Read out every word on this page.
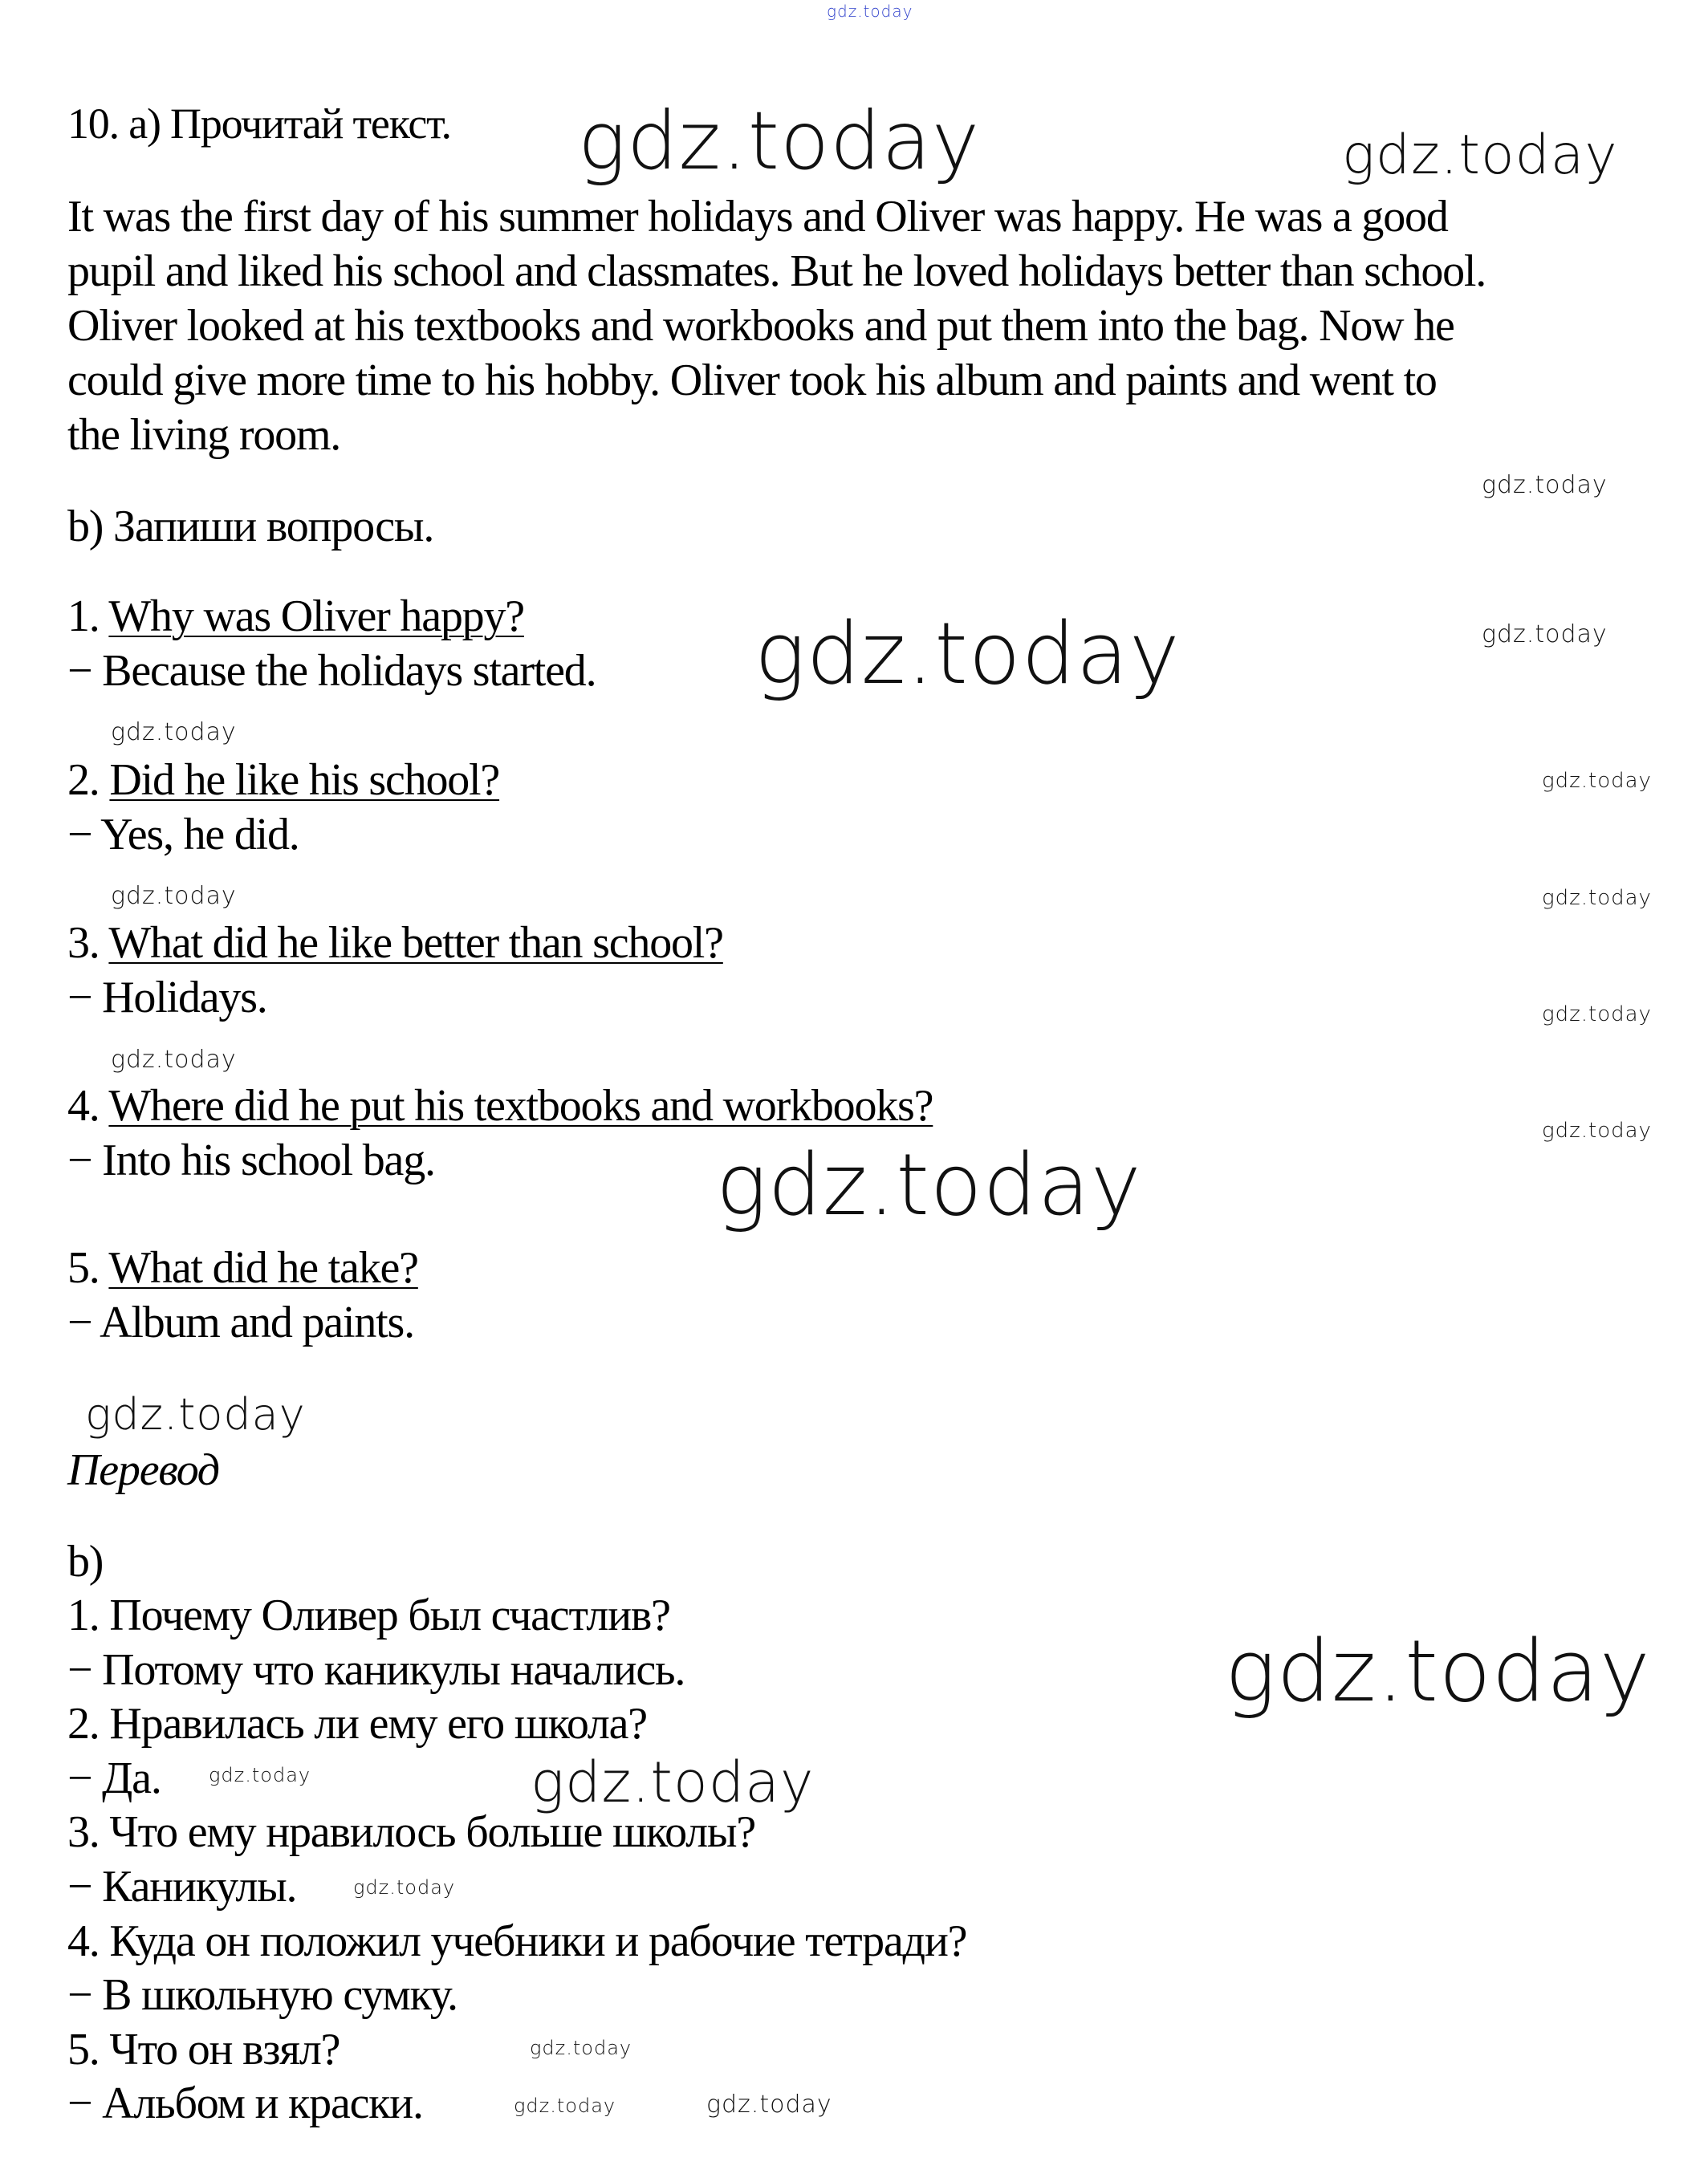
gdz.today
10. а) Прочитай текст.
It was the first day of his summer holidays and Oliver was happy. He was a good
pupil and liked his school and classmates. But he loved holidays better than school.
Oliver looked at his textbooks and workbooks and put them into the bag. Now he
could give more time to his hobby. Oliver took his album and paints and went to
the living room.
b) Запиши вопросы.
1. Why was Oliver happy?
− Because the holidays started.
2. Did he like his school?
− Yes, he did.
3. What did he like better than school?
− Holidays.
4. Where did he put his textbooks and workbooks?
− Into his school bag.
5. What did he take?
− Album and paints.
Перевод
b)
1. Почему Оливер был счастлив?
− Потому что каникулы начались.
2. Нравилась ли ему его школа?
− Да.
3. Что ему нравилось больше школы?
− Каникулы.
4. Куда он положил учебники и рабочие тетради?
− В школьную сумку.
5. Что он взял?
− Альбом и краски.
gdz.today	gdz.today
gdz.today
gdz.today
gdz.today
gdz.today
gdz.today
gdz.today	gdz.today
gdz.today
gdz.today
gdz.today
gdz.today
gdz.today
gdz.today
gdz.today
gdz.today
gdz.today
gdz.today
gdz.today	gdz.today
